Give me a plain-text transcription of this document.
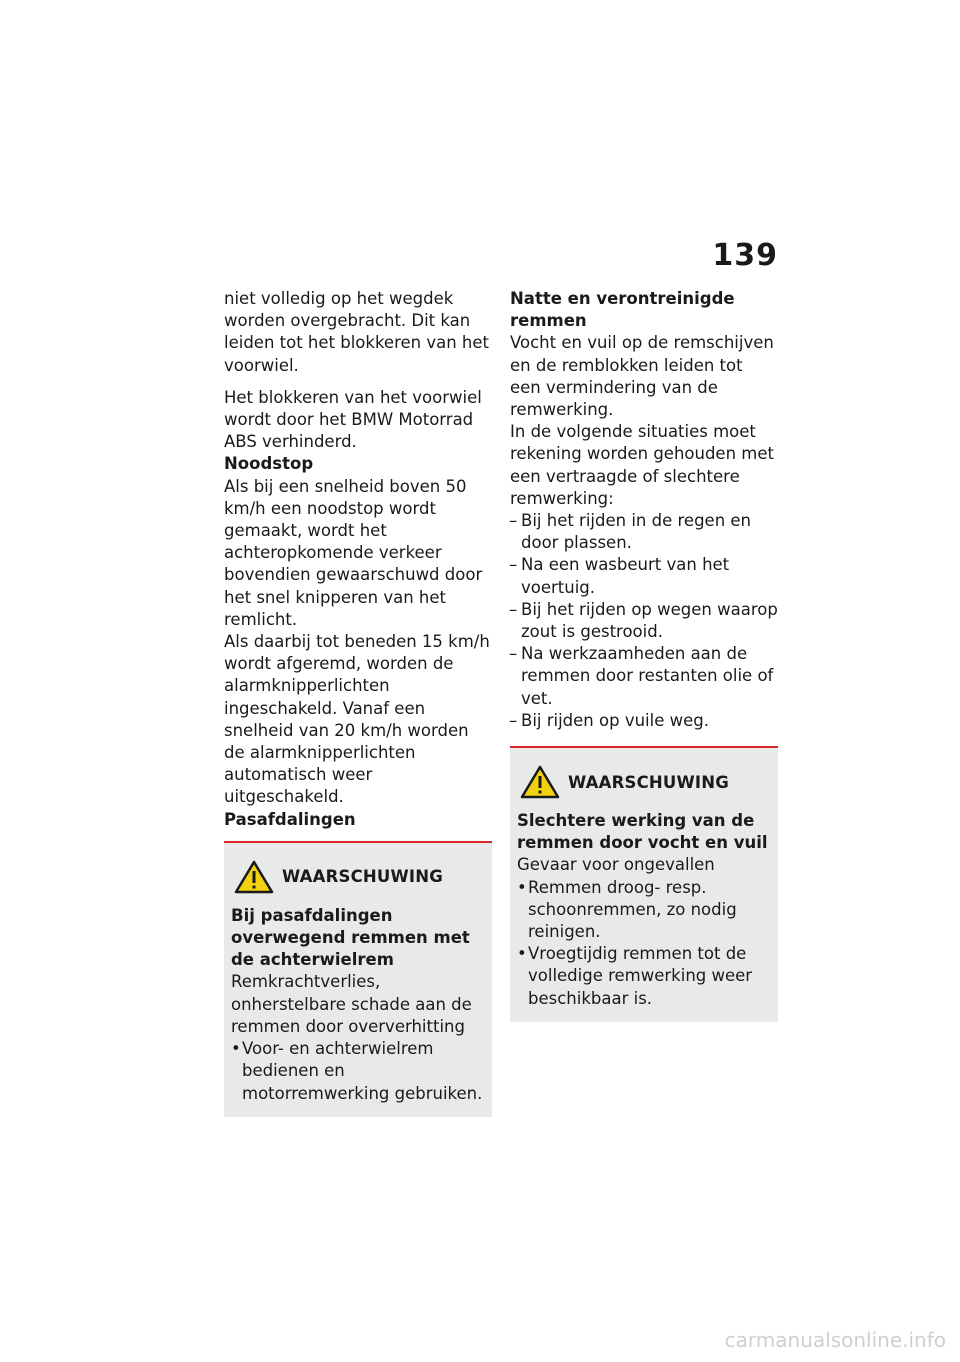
139

niet volledig op het wegdek worden overgebracht. Dit kan leiden tot het blokkeren van het voorwiel.

Het blokkeren van het voorwiel wordt door het BMW Motorrad ABS verhinderd.

Noodstop

Als bij een snelheid boven 50 km/h een noodstop wordt gemaakt, wordt het achteropkomende verkeer bovendien gewaarschuwd door het snel knipperen van het remlicht.

Als daarbij tot beneden 15 km/h wordt afgeremd, worden de alarmknipperlichten ingeschakeld. Vanaf een snelheid van 20 km/h worden de alarmknipperlichten automatisch weer uitgeschakeld.

Pasafdalingen

WAARSCHUWING

Bij pasafdalingen overwegend remmen met de achterwielrem

Remkrachtverlies, onherstelbare schade aan de remmen door oververhitting

• Voor- en achterwielrem bedienen en motorremwerking gebruiken.

Natte en verontreinigde remmen

Vocht en vuil op de remschijven en de remblokken leiden tot een vermindering van de remwerking.

In de volgende situaties moet rekening worden gehouden met een vertraagde of slechtere remwerking:

– Bij het rijden in de regen en door plassen.
– Na een wasbeurt van het voertuig.
– Bij het rijden op wegen waarop zout is gestrooid.
– Na werkzaamheden aan de remmen door restanten olie of vet.
– Bij rijden op vuile weg.
WAARSCHUWING

Slechtere werking van de remmen door vocht en vuil

Gevaar voor ongevallen

• Remmen droog- resp. schoonremmen, zo nodig reinigen.
• Vroegtijdig remmen tot de volledige remwerking weer beschikbaar is.
carmanualsonline.info
